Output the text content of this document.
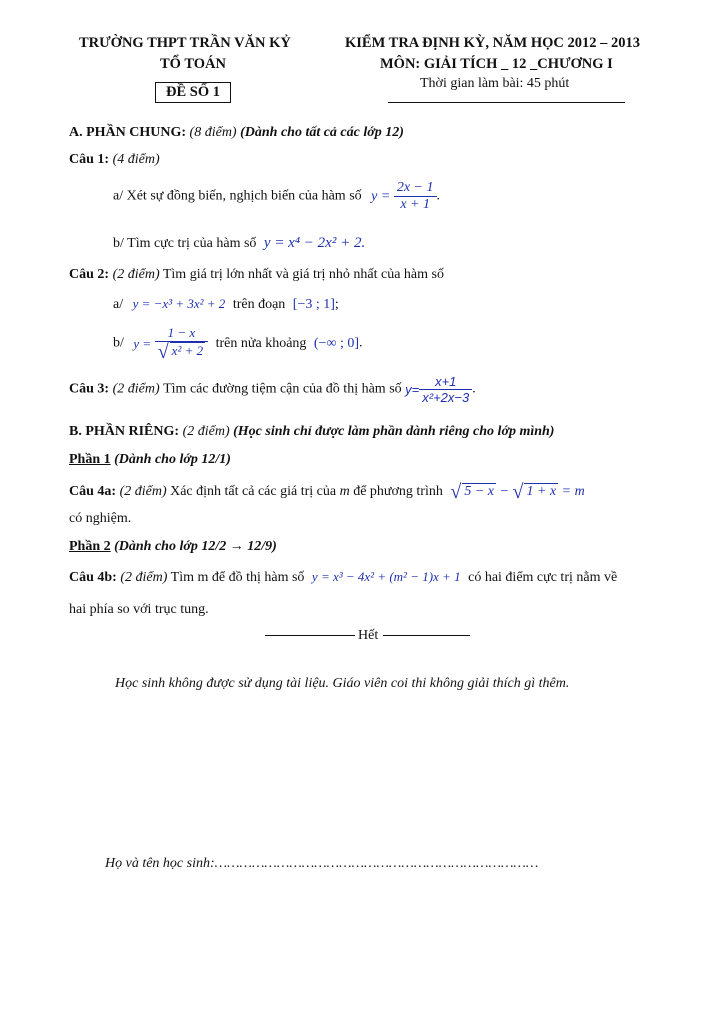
TRƯỜNG THPT TRẦN VĂN KỶ
TỔ TOÁN
ĐỀ SỐ 1
KIỂM TRA ĐỊNH KỲ, NĂM HỌC 2012 – 2013
MÔN: GIẢI TÍCH _ 12 _CHƯƠNG I
Thời gian làm bài: 45 phút
A. PHẦN CHUNG: (8 điểm) (Dành cho tất cả các lớp 12)
Câu 1: (4 điểm)
a/ Xét sự đồng biến, nghịch biến của hàm số $y = \frac{2x - 1}{x + 1}$ .
b/ Tìm cực trị của hàm số y = x⁴ − 2x² + 2.
Câu 2: (2 điểm) Tìm giá trị lớn nhất và giá trị nhỏ nhất của hàm số
a/ y = −x³ + 3x² + 2 trên đoạn [−3 ; 1];
b/ $y = \frac{1 - x}{\text{√ x² + 2}}$ trên nửa khoảng (−∞ ; 0].
Câu 3: (2 điểm) Tìm các đường tiệm cận của đồ thị hàm số $y= \frac{x+1}{\text{x²+2x−3}}$ .
B. PHẦN RIÊNG: (2 điểm) (Học sinh chỉ được làm phần dành riêng cho lớp mình)
Phần 1 (Dành cho lớp 12/1)
Câu 4a: (2 điểm) Xác định tất cả các giá trị của m để phương trình √ 5 − x − √ 1 + x = m
có nghiệm.
Phần 2 (Dành cho lớp 12/2 → 12/9)
Câu 4b: (2 điểm) Tìm m để đồ thị hàm số y = x³ − 4x² + (m² − 1)x + 1 có hai điểm cực trị nằm về
hai phía so với trục tung.
Hết
Học sinh không được sử dụng tài liệu. Giáo viên coi thi không giải thích gì thêm.
Họ và tên học sinh:……………………………………………………………………
